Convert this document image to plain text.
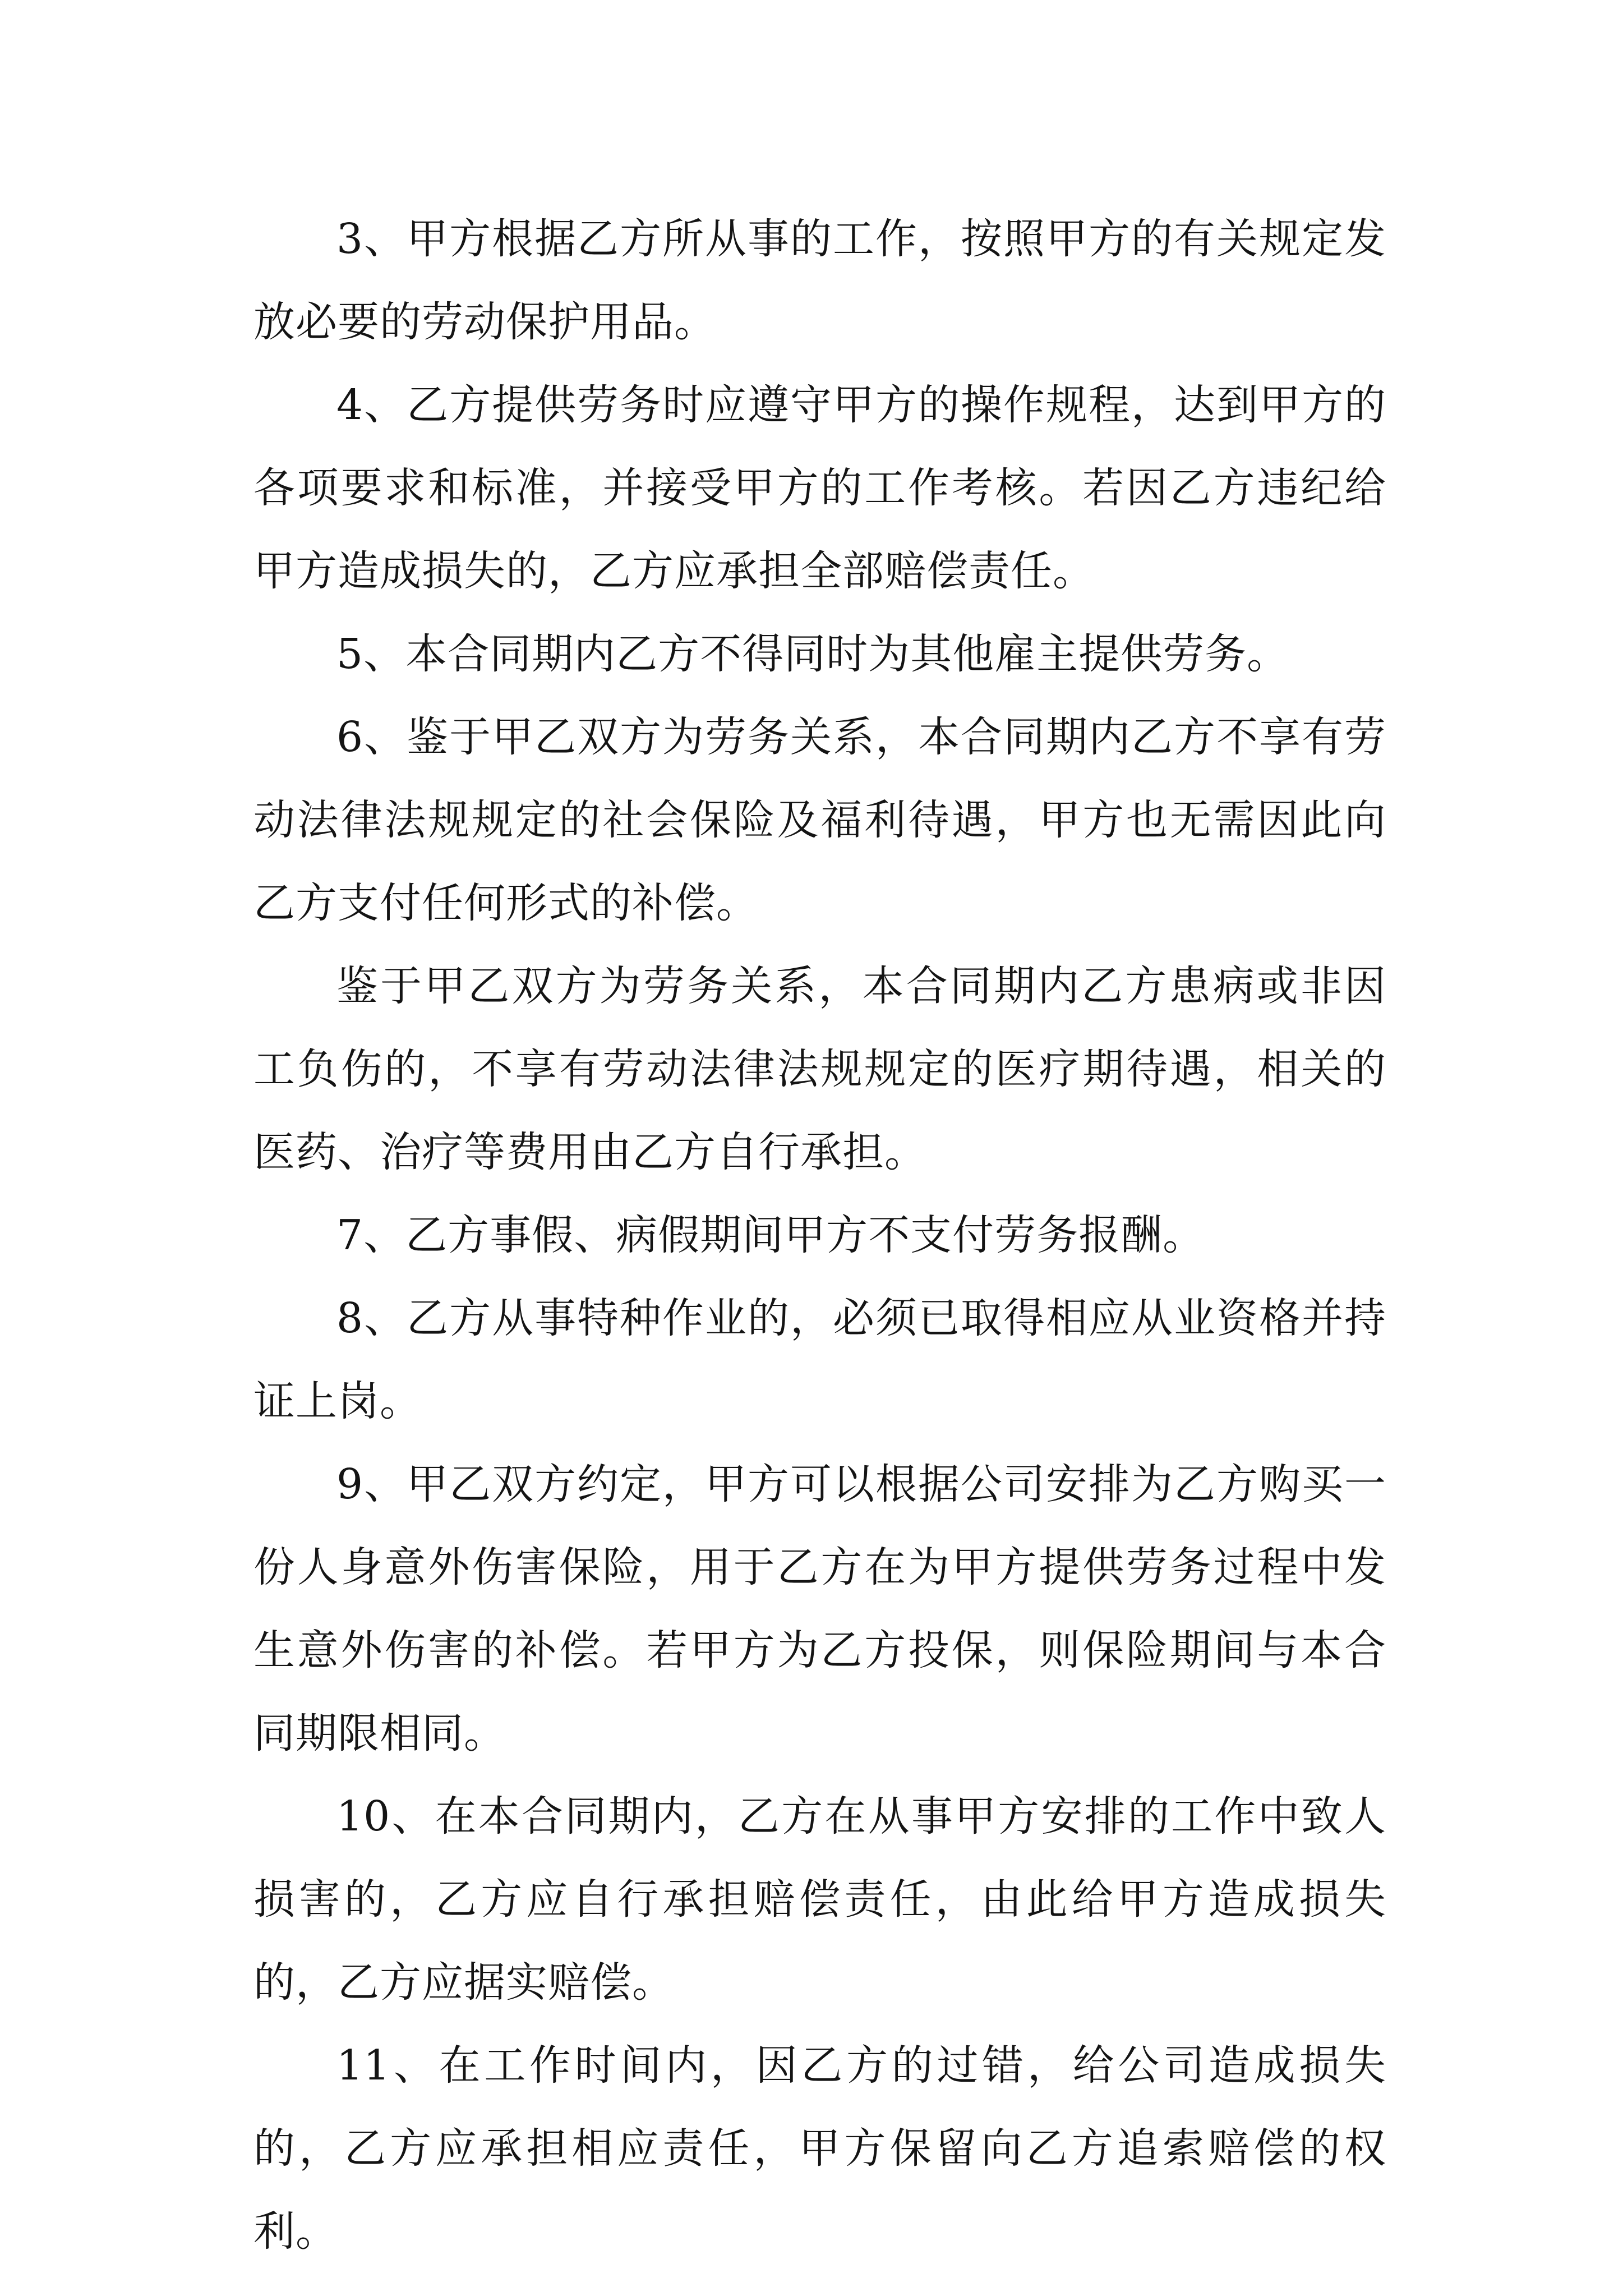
3、甲方根据乙方所从事的工作，按照甲方的有关规定发放必要的劳动保护用品。

4、乙方提供劳务时应遵守甲方的操作规程，达到甲方的各项要求和标准，并接受甲方的工作考核。若因乙方违纪给甲方造成损失的，乙方应承担全部赔偿责任。

5、本合同期内乙方不得同时为其他雇主提供劳务。

6、鉴于甲乙双方为劳务关系，本合同期内乙方不享有劳动法律法规规定的社会保险及福利待遇，甲方也无需因此向乙方支付任何形式的补偿。

鉴于甲乙双方为劳务关系，本合同期内乙方患病或非因工负伤的，不享有劳动法律法规规定的医疗期待遇，相关的医药、治疗等费用由乙方自行承担。

7、乙方事假、病假期间甲方不支付劳务报酬。

8、乙方从事特种作业的，必须已取得相应从业资格并持证上岗。

9、甲乙双方约定，甲方可以根据公司安排为乙方购买一份人身意外伤害保险，用于乙方在为甲方提供劳务过程中发生意外伤害的补偿。若甲方为乙方投保，则保险期间与本合同期限相同。

10、在本合同期内，乙方在从事甲方安排的工作中致人损害的，乙方应自行承担赔偿责任，由此给甲方造成损失的，乙方应据实赔偿。

11、在工作时间内，因乙方的过错，给公司造成损失的，乙方应承担相应责任，甲方保留向乙方追索赔偿的权利。
